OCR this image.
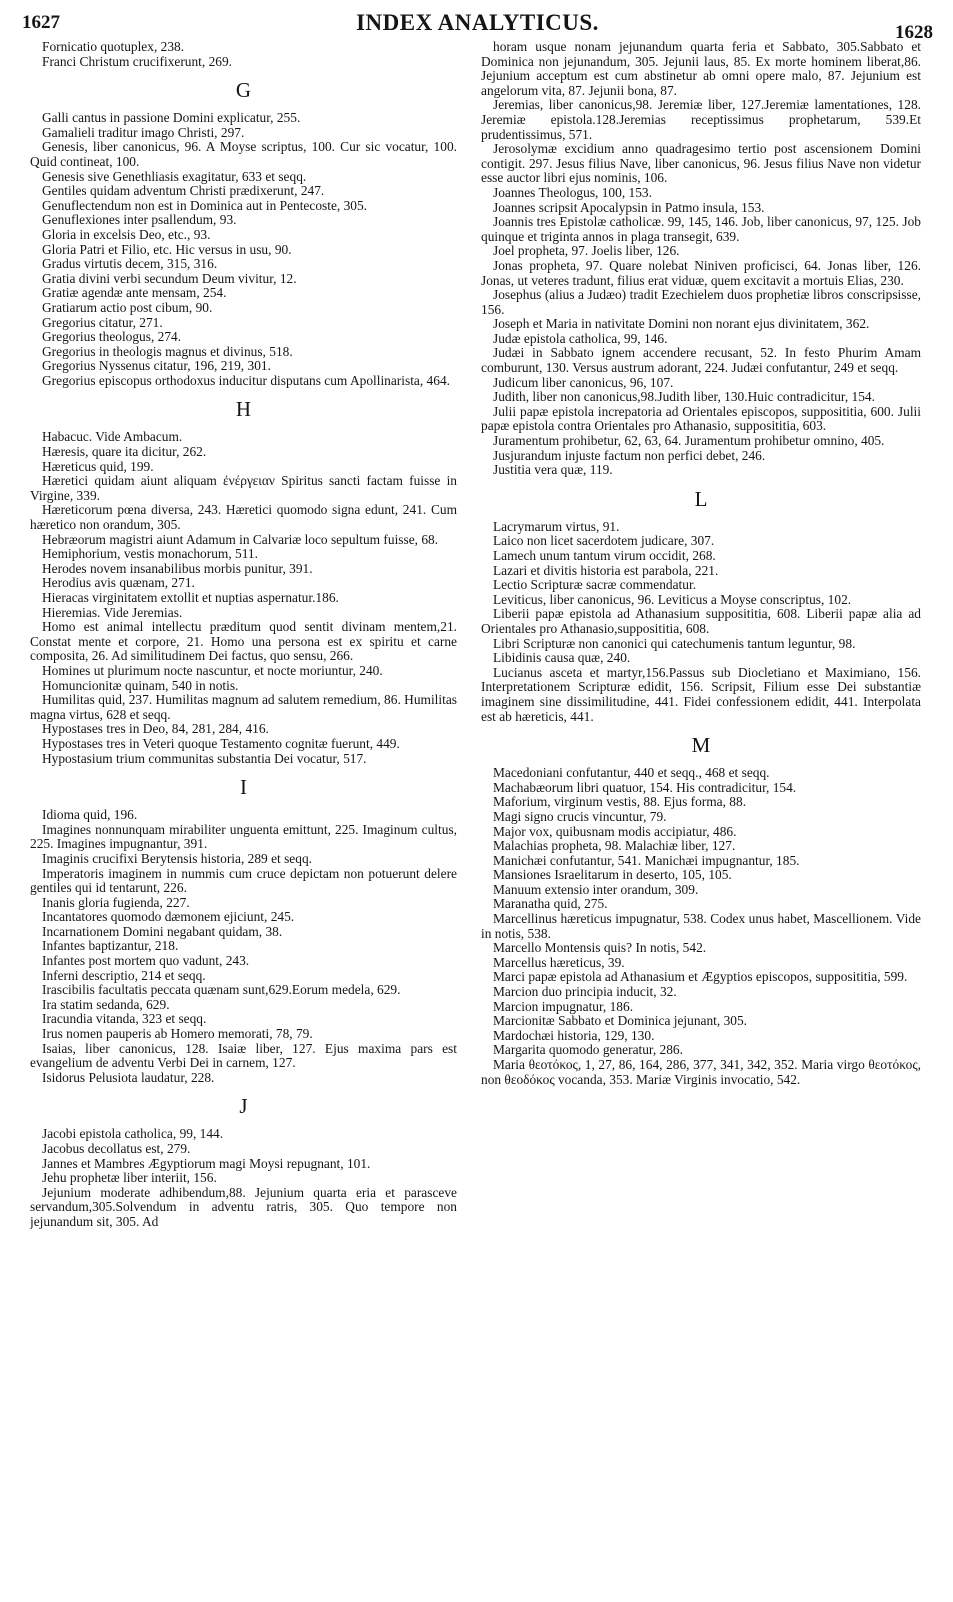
1627	INDEX ANALYTICUS.	1628

Fornicatio quotuplex, 238.

Franci Christum crucifixerunt, 269.

G

Galli cantus in passione Domini explicatur, 255.

Gamalieli traditur imago Christi, 297.

Genesis, liber canonicus, 96. A Moyse scriptus, 100. Cur sic vocatur, 100. Quid contineat, 100.

Genesis sive Genethliasis exagitatur, 633 et seqq.

Gentiles quidam adventum Christi prædixerunt, 247.

Genuflectendum non est in Dominica aut in Pentecoste, 305.

Genuflexiones inter psallendum, 93.

Gloria in excelsis Deo, etc., 93.

Gloria Patri et Filio, etc. Hic versus in usu, 90.

Gradus virtutis decem, 315, 316.

Gratia divini verbi secundum Deum vivitur, 12.

Gratiæ agendæ ante mensam, 254.

Gratiarum actio post cibum, 90.

Gregorius citatur, 271.

Gregorius theologus, 274.

Gregorius in theologis magnus et divinus, 518.

Gregorius Nyssenus citatur, 196, 219, 301.

Gregorius episcopus orthodoxus inducitur disputans cum Apollinarista, 464.

H

Habacuc. Vide Ambacum.

Hæresis, quare ita dicitur, 262.

Hæreticus quid, 199.

Hæretici quidam aiunt aliquam ἐνέργειαν Spiritus sancti factam fuisse in Virgine, 339.

Hæreticorum pœna diversa, 243. Hæretici quomodo signa edunt, 241. Cum hæretico non orandum, 305.

Hebræorum magistri aiunt Adamum in Calvariæ loco sepultum fuisse, 68.

Hemiphorium, vestis monachorum, 511.

Herodes novem insanabilibus morbis punitur, 391.

Herodius avis quænam, 271.

Hieracas virginitatem extollit et nuptias aspernatur.186.

Hieremias. Vide Jeremias.

Homo est animal intellectu præditum quod sentit divinam mentem,21. Constat mente et corpore, 21. Homo una persona est ex spiritu et carne composita, 26. Ad similitudinem Dei factus, quo sensu, 266.

Homines ut plurimum nocte nascuntur, et nocte moriuntur, 240.

Homuncionitæ quinam, 540 in notis.

Humilitas quid, 237. Humilitas magnum ad salutem remedium, 86. Humilitas magna virtus, 628 et seqq.

Hypostases tres in Deo, 84, 281, 284, 416.

Hypostases tres in Veteri quoque Testamento cognitæ fuerunt, 449.

Hypostasium trium communitas substantia Dei vocatur, 517.

I

Idioma quid, 196.

Imagines nonnunquam mirabiliter unguenta emittunt, 225. Imaginum cultus, 225. Imagines impugnantur, 391.

Imaginis crucifixi Berytensis historia, 289 et seqq.

Imperatoris imaginem in nummis cum cruce depictam non potuerunt delere gentiles qui id tentarunt, 226.

Inanis gloria fugienda, 227.

Incantatores quomodo dæmonem ejiciunt, 245.

Incarnationem Domini negabant quidam, 38.

Infantes baptizantur, 218.

Infantes post mortem quo vadunt, 243.

Inferni descriptio, 214 et seqq.

Irascibilis facultatis peccata quænam sunt,629.Eorum medela, 629.

Ira statim sedanda, 629.

Iracundia vitanda, 323 et seqq.

Irus nomen pauperis ab Homero memorati, 78, 79.

Isaias, liber canonicus, 128. Isaiæ liber, 127. Ejus maxima pars est evangelium de adventu Verbi Dei in carnem, 127.

Isidorus Pelusiota laudatur, 228.

J

Jacobi epistola catholica, 99, 144.

Jacobus decollatus est, 279.

Jannes et Mambres Ægyptiorum magi Moysi repugnant, 101.

Jehu prophetæ liber interiit, 156.

Jejunium moderate adhibendum,88. Jejunium quarta eria et parasceve servandum,305.Solvendum in adventu ratris, 305. Quo tempore non jejunandum sit, 305. Ad

horam usque nonam jejunandum quarta feria et Sabbato, 305.Sabbato et Dominica non jejunandum, 305. Jejunii laus, 85. Ex morte hominem liberat,86. Jejunium acceptum est cum abstinetur ab omni opere malo, 87. Jejunium est angelorum vita, 87. Jejunii bona, 87.

Jeremias, liber canonicus,98. Jeremiæ liber, 127.Jeremiæ lamentationes, 128. Jeremiæ epistola.128.Jeremias receptissimus prophetarum, 539.Et prudentissimus, 571.

Jerosolymæ excidium anno quadragesimo tertio post ascensionem Domini contigit. 297. Jesus filius Nave, liber canonicus, 96. Jesus filius Nave non videtur esse auctor libri ejus nominis, 106.

Joannes Theologus, 100, 153.

Joannes scripsit Apocalypsin in Patmo insula, 153.

Joannis tres Epistolæ catholicæ. 99, 145, 146. Job, liber canonicus, 97, 125. Job quinque et triginta annos in plaga transegit, 639.

Joel propheta, 97. Joelis liber, 126.

Jonas propheta, 97. Quare nolebat Niniven proficisci, 64. Jonas liber, 126. Jonas, ut veteres tradunt, filius erat viduæ, quem excitavit a mortuis Elias, 230.

Josephus (alius a Judæo) tradit Ezechielem duos prophetiæ libros conscripsisse, 156.

Joseph et Maria in nativitate Domini non norant ejus divinitatem, 362.

Judæ epistola catholica, 99, 146.

Judæi in Sabbato ignem accendere recusant, 52. In festo Phurim Amam comburunt, 130. Versus austrum adorant, 224. Judæi confutantur, 249 et seqq.

Judicum liber canonicus, 96, 107.

Judith, liber non canonicus,98.Judith liber, 130.Huic contradicitur, 154.

Julii papæ epistola increpatoria ad Orientales episcopos, supposititia, 600. Julii papæ epistola contra Orientales pro Athanasio, supposititia, 603.

Juramentum prohibetur, 62, 63, 64. Juramentum prohibetur omnino, 405.

Jusjurandum injuste factum non perfici debet, 246.

Justitia vera quæ, 119.

L

Lacrymarum virtus, 91.

Laico non licet sacerdotem judicare, 307.

Lamech unum tantum virum occidit, 268.

Lazari et divitis historia est parabola, 221.

Lectio Scripturæ sacræ commendatur.

Leviticus, liber canonicus, 96. Leviticus a Moyse conscriptus, 102.

Liberii papæ epistola ad Athanasium supposititia, 608. Liberii papæ alia ad Orientales pro Athanasio,supposititia, 608.

Libri Scripturæ non canonici qui catechumenis tantum leguntur, 98.

Libidinis causa quæ, 240.

Lucianus asceta et martyr,156.Passus sub Diocletiano et Maximiano, 156. Interpretationem Scripturæ edidit, 156. Scripsit, Filium esse Dei substantiæ imaginem sine dissimilitudine, 441. Fidei confessionem edidit, 441. Interpolata est ab hæreticis, 441.

M

Macedoniani confutantur, 440 et seqq., 468 et seqq.

Machabæorum libri quatuor, 154. His contradicitur, 154.

Maforium, virginum vestis, 88. Ejus forma, 88.

Magi signo crucis vincuntur, 79.

Major vox, quibusnam modis accipiatur, 486.

Malachias propheta, 98. Malachiæ liber, 127.

Manichæi confutantur, 541. Manichæi impugnantur, 185.

Mansiones Israelitarum in deserto, 105, 105.

Manuum extensio inter orandum, 309.

Maranatha quid, 275.

Marcellinus hæreticus impugnatur, 538. Codex unus habet, Mascellionem. Vide in notis, 538.

Marcello Montensis quis? In notis, 542.

Marcellus hæreticus, 39.

Marci papæ epistola ad Athanasium et Ægyptios episcopos, supposititia, 599.

Marcion duo principia inducit, 32.

Marcion impugnatur, 186.

Marcionitæ Sabbato et Dominica jejunant, 305.

Mardochæi historia, 129, 130.

Margarita quomodo generatur, 286.

Maria θεοτόκος, 1, 27, 86, 164, 286, 377, 341, 342, 352. Maria virgo θεοτόκος, non θεοδόκος vocanda, 353. Mariæ Virginis invocatio, 542.
